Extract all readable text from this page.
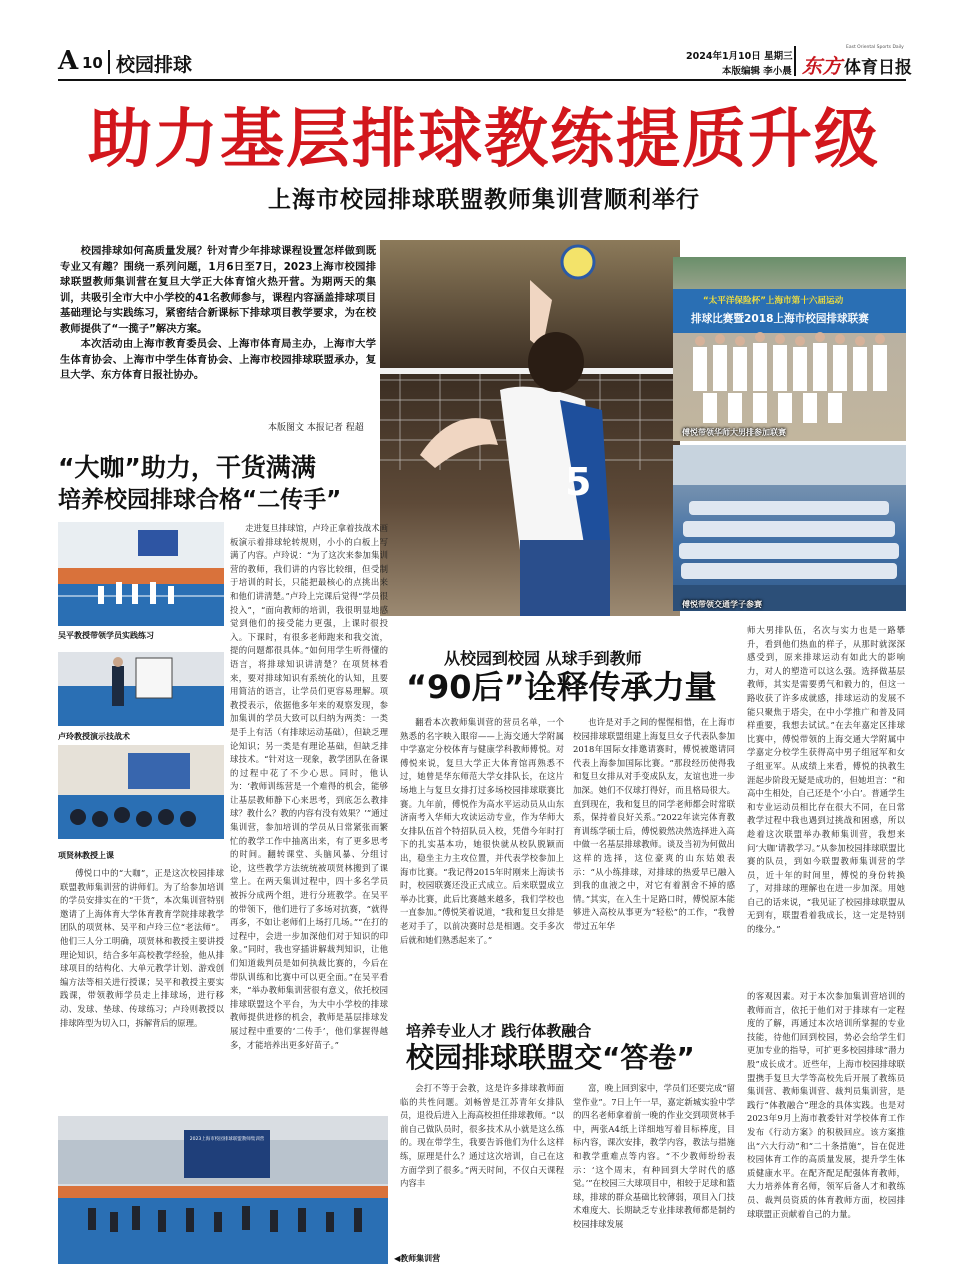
A 10 校园排球	2024年1月10日 星期三
本版编辑 李小晨 东方
East Oriental Sports Daily
体育日报
助力基层排球教练提质升级
上海市校园排球联盟教师集训营顺利举行

校园排球如何高质量发展？针对青少年排球课程设置怎样做到既专业又有趣？围绕一系列问题，1月6日至7日，2023上海市校园排球联盟教师集训营在复旦大学正大体育馆火热开营。为期两天的集训，共吸引全市大中小学校的41名教师参与，课程内容涵盖排球项目基础理论与实践练习，紧密结合新课标下排球项目教学要求，为在校教师提供了“一揽子”解决方案。

本次活动由上海市教育委员会、上海市体育局主办，上海市大学生体育协会、上海市中学生体育协会、上海市校园排球联盟承办，复旦大学、东方体育日报社协办。

本版图文 本报记者 程超
5
“太平洋保险杯”上海市第十六届运动
排球比赛暨2018上海市校园排球联赛
傅悦带领华师大男排参加联赛
傅悦带领交通学子参赛
“大咖”助力，干货满满
培养校园排球合格“二传手”
吴平教授带领学员实践练习
卢玲教授演示技战术
项贤林教授上课

走进复旦排球馆，卢玲正拿着技战术画板演示着排球轮转规则，小小的白板上写满了内容。卢玲说：“为了这次来参加集训营的教师，我们讲的内容比较细，但受制于培训的时长，只能把最核心的点挑出来和他们讲清楚。”卢玲上完课后觉得“学员很投入”，“面向教师的培训，我很明显地感觉到他们的接受能力更强，上课时很投入。下课时，有很多老师跑来和我交流，提的问题都很具体。”如何用学生听得懂的语言，将排球知识讲清楚？在项贤林看来，要对排球知识有系统化的认知，且要用简洁的语言，让学员们更容易理解。项教授表示，依据他多年来的观察发现，参加集训的学员大致可以归纳为两类：一类是手上有活（有排球运动基础），但缺乏理论知识；另一类是有理论基础，但缺乏排球技术。“针对这一现象，教学团队在备课的过程中花了不少心思。同时，他认为：‘教师训练营是一个难得的机会，能够让基层教师静下心来思考，到底怎么教排球？教什么？教的内容有没有效果？’”通过集训营，参加培训的学员从日常紧张而繁忙的教学工作中抽离出来，有了更多思考的时间。翻转课堂、头脑风暴、分组讨论，这些教学方法统统被项贤林搬到了课堂上。在两天集训过程中，四十多名学员被拆分成两个组，进行分班教学。在吴平的带领下，他们进行了多场对抗赛，“就得再多，不如让老师们上场打几场。”“在打的过程中，会进一步加深他们对于知识的印象。”同时，我也穿插讲解裁判知识，让他们知道裁判员是如何执裁比赛的，今后在带队训练和比赛中可以更全面。”在吴平看来，“举办教师集训营很有意义，依托校园排球联盟这个平台，为大中小学校的排球教师提供进修的机会，教师是基层排球发展过程中重要的‘二传手’，他们掌握得越多，才能培养出更多好苗子。”

傅悦口中的“大咖”，正是这次校园排球联盟教师集训营的讲师们。为了给参加培训的学员安排实在的“干货”，本次集训营特别邀请了上海体育大学体育教育学院排球教学团队的项贤林、吴平和卢玲三位“老法师”。他们三人分工明确，项贤林和教授主要讲授理论知识，结合多年高校教学经验，他从排球项目的结构化、大单元教学计划、游戏创编方法等相关进行授课；吴平和教授主要实践课，带领教师学员走上排球场，进行移动、发球、垫球、传球练习；卢玲则教授以排球阵型为切入口，拆解背后的原理。

从校园到校园 从球手到教师
“90后”诠释传承力量

翻看本次教师集训营的营员名单，一个熟悉的名字映入眼帘——上海交通大学附属中学嘉定分校体育与健康学科教师傅悦。对傅悦来说，复旦大学正大体育馆再熟悉不过，她曾是华东师范大学女排队长，在这片场地上与复旦女排打过多场校园排球联赛比赛。九年前，傅悦作为高水平运动员从山东济南考入华师大攻读运动专业，作为华师大女排队伍首个特招队员入校，凭借今年时打下的扎实基本功，她很快就从校队脱颖而出，稳坐主力主攻位置，并代表学校参加上海市比赛。“我记得2015年时刚来上海读书时，校园联赛还没正式成立。后来联盟成立举办比赛，此后比赛越来越多，我们学校也一直参加。”傅悦笑着说道，“我和复旦女排是老对手了，以前决赛时总是相遇。交手多次后就和她们熟悉起来了。”

也许是对手之间的惺惺相惜，在上海市校园排球联盟组建上海复旦女子代表队参加2018年国际女排邀请赛时，傅悦被邀请同代表上海参加国际比赛。“那段经历使得我和复旦女排从对手变成队友，友谊也进一步加深。她们不仅球打得好，而且格局很大。直到现在，我和复旦的同学老师都会时常联系，保持着良好关系。”2022年读完体育教育训练学硕士后，傅悦毅然决然选择进入高中做一名基层排球教师。谈及当初为何做出这样的选择，这位豪爽的山东姑娘表示：“从小练排球，对排球的热爱早已融入到我的血液之中，对它有着割舍不掉的感情。”其实，在入生十足路口时，傅悦原本能够进入高校从事更为“轻松”的工作，“我曾带过五年华

师大男排队伍，名次与实力也是一路攀升，看到他们热血的样子，从那时就深深感受到，原来排球运动有如此大的影响力，对人的塑造可以这么强。选择做基层教师，其实是需要勇气和毅力的，但这一路收获了许多成就感，排球运动的发展不能只聚焦于塔尖，在中小学推广和普及同样重要，我想去试试。”在去年嘉定区排球比赛中，傅悦带领的上海交通大学附属中学嘉定分校学生获得高中男子组冠军和女子组亚军。从成绩上来看，傅悦的执教生涯起步阶段无疑是成功的，但她坦言：“和高中生相处，自己还是个‘小白’。普通学生和专业运动员相比存在很大不同，在日常教学过程中我也遇到过挑战和困惑，所以趁着这次联盟举办教师集训营，我想来问‘大咖’请教学习。”从参加校园排球联盟比赛的队员，到如今联盟教师集训营的学员，近十年的时间里，傅悦的身份转换了，对排球的理解也在进一步加深。用她自己的话来说，“我见证了校园排球联盟从无到有，联盟看着我成长，这一定是特别的缘分。”

培养专业人才 践行体教融合
校园排球联盟交“答卷”

会打不等于会教，这是许多排球教师面临的共性问题。刘畅曾是江苏青年女排队员，退役后进入上海高校担任排球教师。“以前自己做队员时，很多技术从小就是这么练的。现在带学生，我要告诉他们为什么这样练，原理是什么？通过这次培训，自己在这方面学到了很多。”两天时间，不仅白天课程内容丰

富，晚上回到家中，学员们还要完成“留堂作业”。7日上午一早，嘉定新城实验中学的四名老师拿着前一晚的作业交到项贤林手中，两张A4纸上详细地写着目标棒度，目标内容，课次安排，教学内容，教法与措施和教学重难点等内容。“不少教师纷纷表示：‘这个周末，有种回到大学时代的感觉。’”在校园三大球项目中，相较于足球和篮球，排球的群众基础比较薄弱，项目入门技术难度大、长期缺乏专业排球教师都是制约校园排球发展

的客观因素。对于本次参加集训营培训的教师而言，依托于他们对于排球有一定程度的了解，再通过本次培训所掌握的专业技能，待他们回到校园，势必会给学生们更加专业的指导，可扩更多校园排球“潜力股”成长成才。近些年，上海市校园排球联盟携手复旦大学等高校先后开展了教练员集训营、教师集训营、裁判员集训营，是践行“体教融合”理念的具体实践。也是对2023年9月上海市教委针对学校体育工作发布《行动方案》的积极回应。该方案推出“六大行动”和“二十条措施”，旨在促进校园体育工作的高质量发展，提升学生体质健康水平。在配齐配足配强体育教师，大力培养体育名师，领军后备人才和教练员、裁判员资质的体育教师方面，校园排球联盟正贡献着自己的力量。

2023上海市校园排球联盟教师集训营
◀教师集训营
